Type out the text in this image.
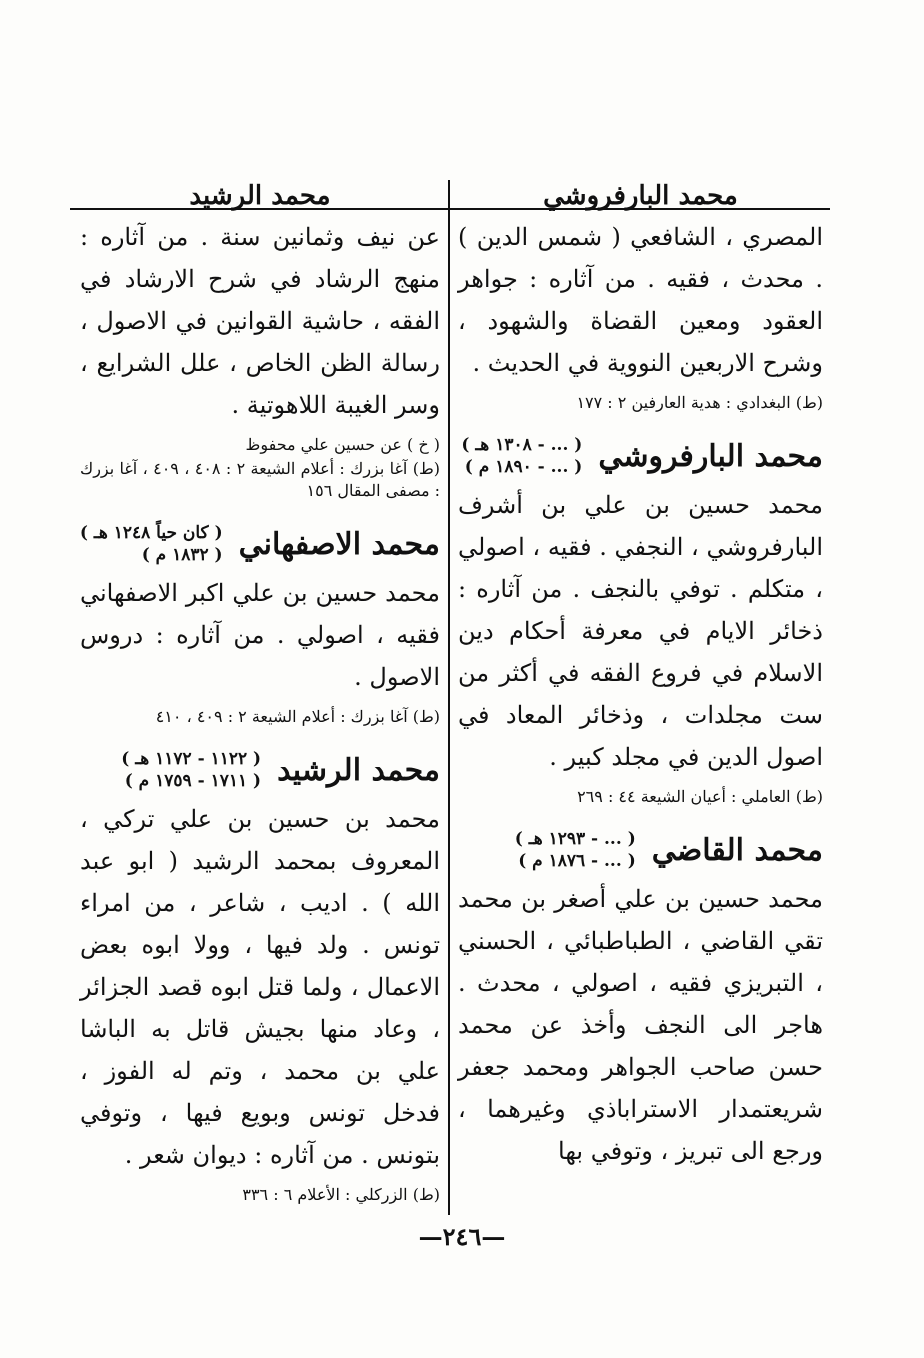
محمد البارفروشي

المصري ، الشافعي ( شمس الدين ) . محدث ، فقيه . من آثاره : جواهر العقود ومعين القضاة والشهود ، وشرح الاربعين النووية في الحديث .

(ط) البغدادي : هدية العارفين ٢ : ١٧٧

محمد البارفروشي
( ... - ١٣٠٨ هـ )
( ... - ١٨٩٠ م )

محمد حسين بن علي بن أشرف البارفروشي ، النجفي . فقيه ، اصولي ، متكلم . توفي بالنجف . من آثاره : ذخائر الايام في معرفة أحكام دين الاسلام في فروع الفقه في أكثر من ست مجلدات ، وذخائر المعاد في اصول الدين في مجلد كبير .

(ط) العاملي : أعيان الشيعة ٤٤ : ٢٦٩

محمد القاضي
( ... - ١٢٩٣ هـ )
( ... - ١٨٧٦ م )

محمد حسين بن علي أصغر بن محمد تقي القاضي ، الطباطبائي ، الحسني ، التبريزي فقيه ، اصولي ، محدث . هاجر الى النجف وأخذ عن محمد حسن صاحب الجواهر ومحمد جعفر شريعتمدار الاستراباذي وغيرهما ، ورجع الى تبريز ، وتوفي بها

محمد الرشيد

عن نيف وثمانين سنة . من آثاره : منهج الرشاد في شرح الارشاد في الفقه ، حاشية القوانين في الاصول ، رسالة الظن الخاص ، علل الشرايع ، وسر الغيبة اللاهوتية .

( خ ) عن حسين علي محفوظ

(ط) آغا بزرك : أعلام الشيعة ٢ : ٤٠٨ ، ٤٠٩ ، آغا بزرك : مصفى المقال ١٥٦

محمد الاصفهاني
( كان حياً ١٢٤٨ هـ )
( ١٨٣٢ م )

محمد حسين بن علي اكبر الاصفهاني فقيه ، اصولي . من آثاره : دروس الاصول .

(ط) آغا بزرك : أعلام الشيعة ٢ : ٤٠٩ ، ٤١٠

محمد الرشيد
( ١١٢٢ - ١١٧٢ هـ )
( ١٧١١ - ١٧٥٩ م )

محمد بن حسين بن علي تركي ، المعروف بمحمد الرشيد ( ابو عبد الله ) . اديب ، شاعر ، من امراء تونس . ولد فيها ، وولا ابوه بعض الاعمال ، ولما قتل ابوه قصد الجزائر ، وعاد منها بجيش قاتل به الباشا علي بن محمد ، وتم له الفوز ، فدخل تونس وبويع فيها ، وتوفي بتونس . من آثاره : ديوان شعر .

(ط) الزركلي : الأعلام ٦ : ٣٣٦

—٢٤٦—
